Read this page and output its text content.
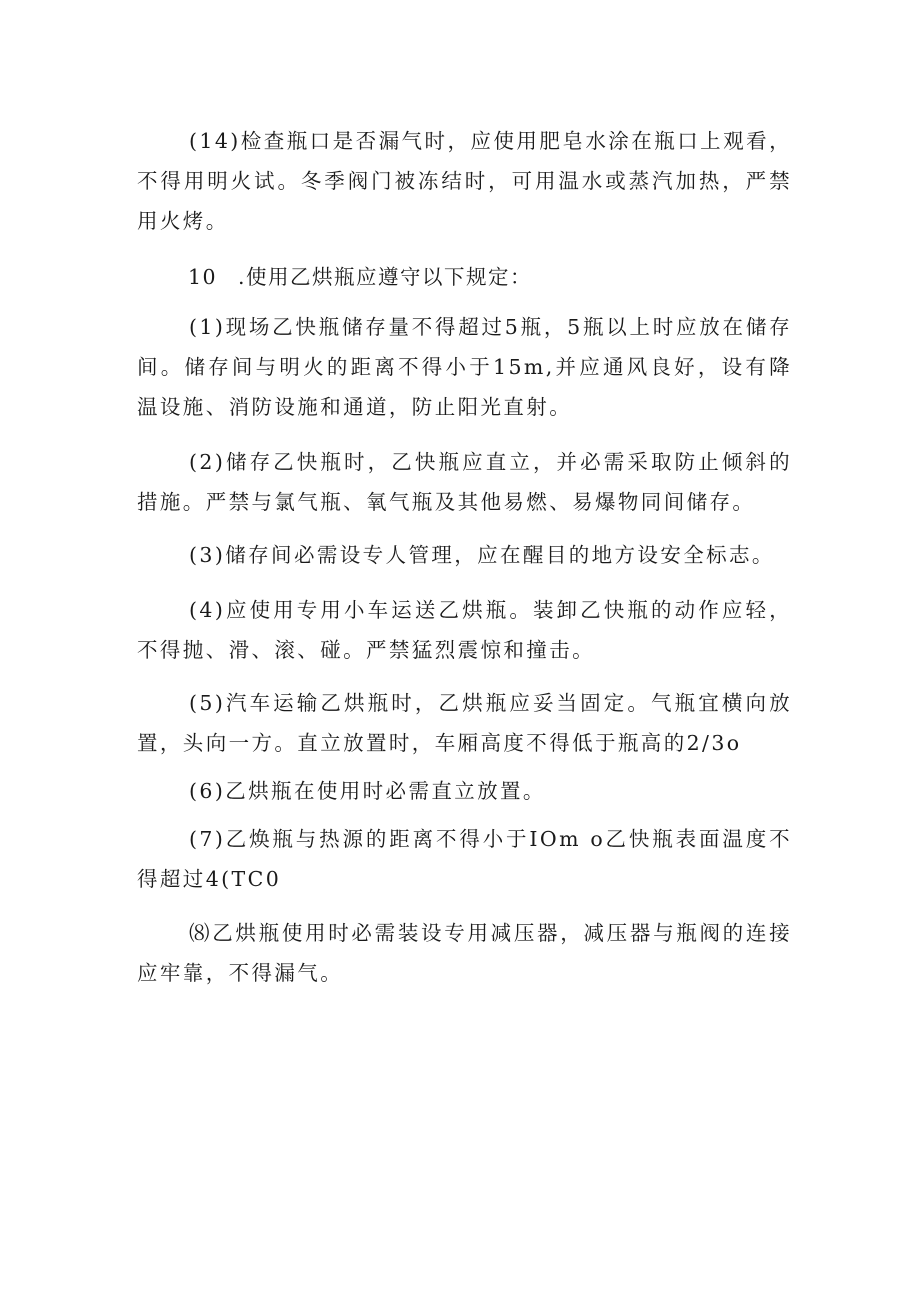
(14)检查瓶口是否漏气时，应使用肥皂水涂在瓶口上观看，不得用明火试。冬季阀门被冻结时，可用温水或蒸汽加热，严禁用火烤。

10 .使用乙烘瓶应遵守以下规定：

(1)现场乙快瓶储存量不得超过5瓶，5瓶以上时应放在储存间。储存间与明火的距离不得小于15m,并应通风良好，设有降温设施、消防设施和通道，防止阳光直射。

(2)储存乙快瓶时，乙快瓶应直立，并必需采取防止倾斜的措施。严禁与氯气瓶、氧气瓶及其他易燃、易爆物同间储存。

(3)储存间必需设专人管理，应在醒目的地方设安全标志。

(4)应使用专用小车运送乙烘瓶。装卸乙快瓶的动作应轻，不得抛、滑、滚、碰。严禁猛烈震惊和撞击。

(5)汽车运输乙烘瓶时，乙烘瓶应妥当固定。气瓶宜横向放置，头向一方。直立放置时，车厢高度不得低于瓶高的2/3o

(6)乙烘瓶在使用时必需直立放置。

(7)乙焕瓶与热源的距离不得小于IOm o乙快瓶表面温度不得超过4(TC0

⑻乙烘瓶使用时必需装设专用减压器，减压器与瓶阀的连接应牢靠，不得漏气。
